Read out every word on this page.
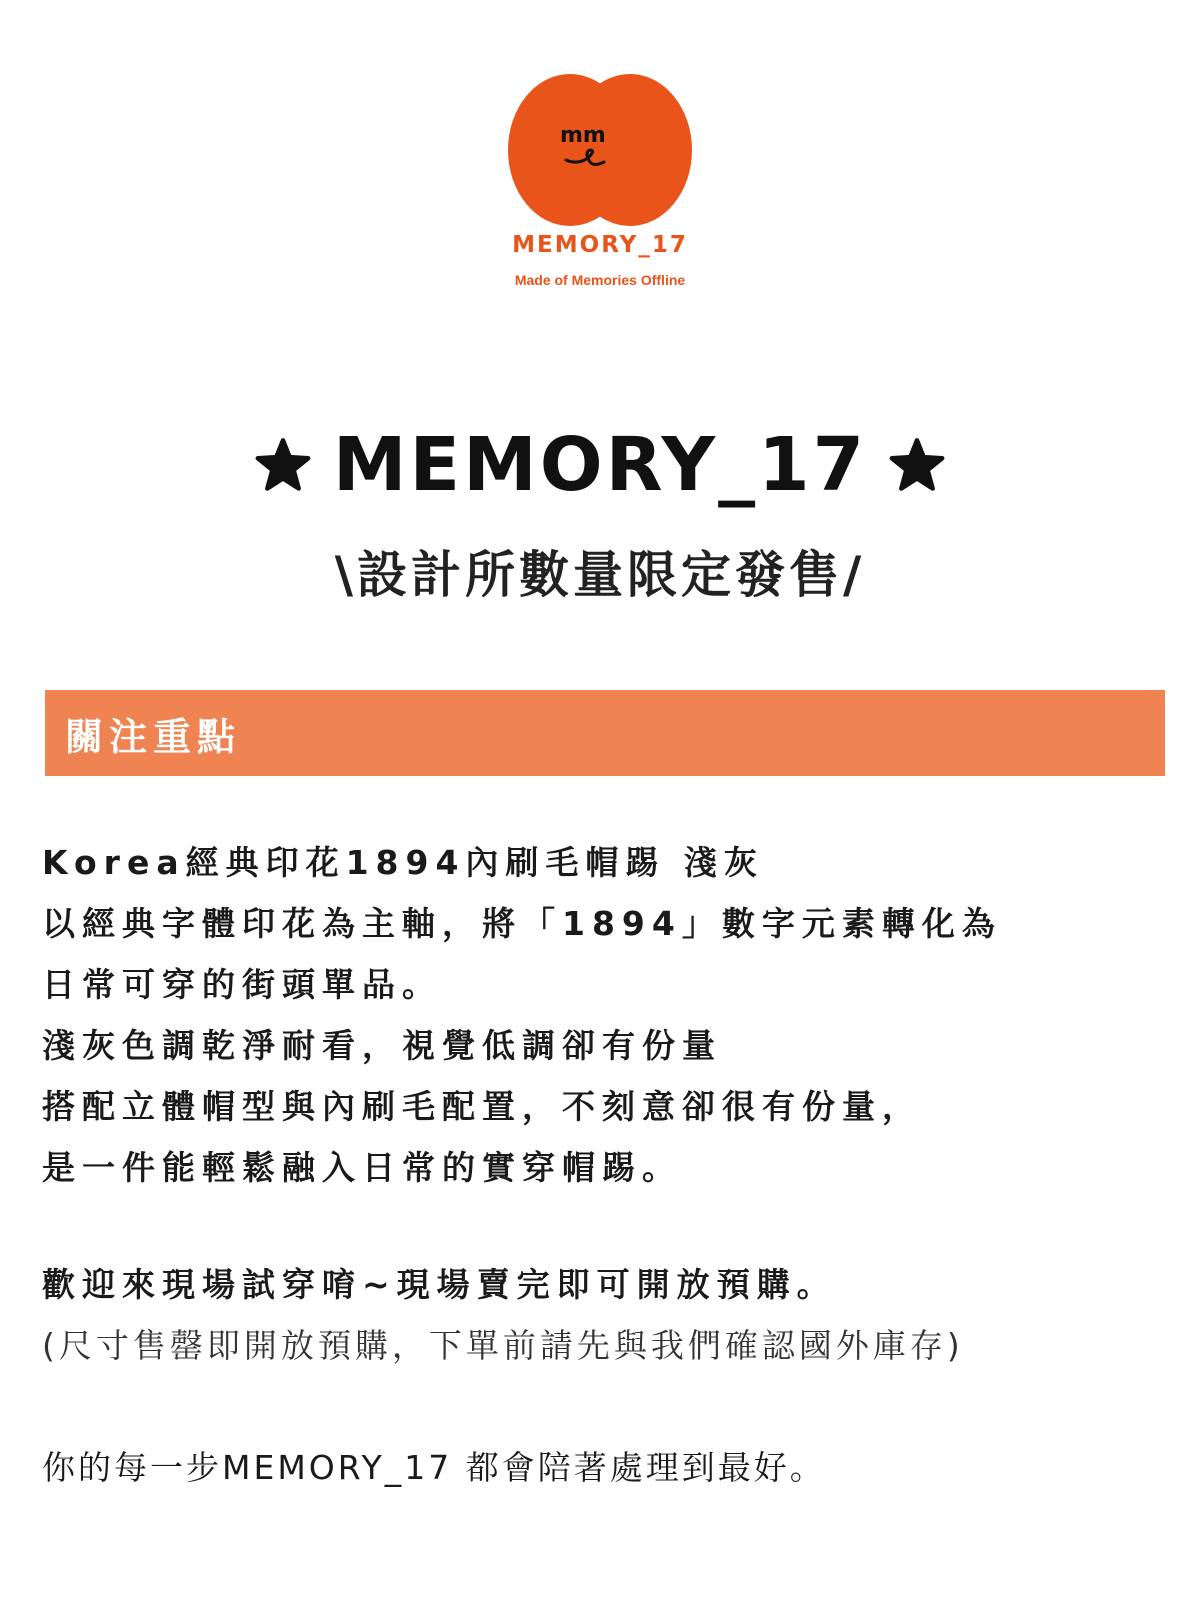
mm
MEMORY_17
Made of Memories Offline
MEMORY_17
\設計所數量限定發售/
關注重點
Korea經典印花1894內刷毛帽踢 淺灰
以經典字體印花為主軸，將「1894」數字元素轉化為
日常可穿的街頭單品。
淺灰色調乾淨耐看，視覺低調卻有份量
搭配立體帽型與內刷毛配置，不刻意卻很有份量，
是一件能輕鬆融入日常的實穿帽踢。
歡迎來現場試穿唷~現場賣完即可開放預購。
(尺寸售罄即開放預購，下單前請先與我們確認國外庫存)
你的每一步MEMORY_17 都會陪著處理到最好。
